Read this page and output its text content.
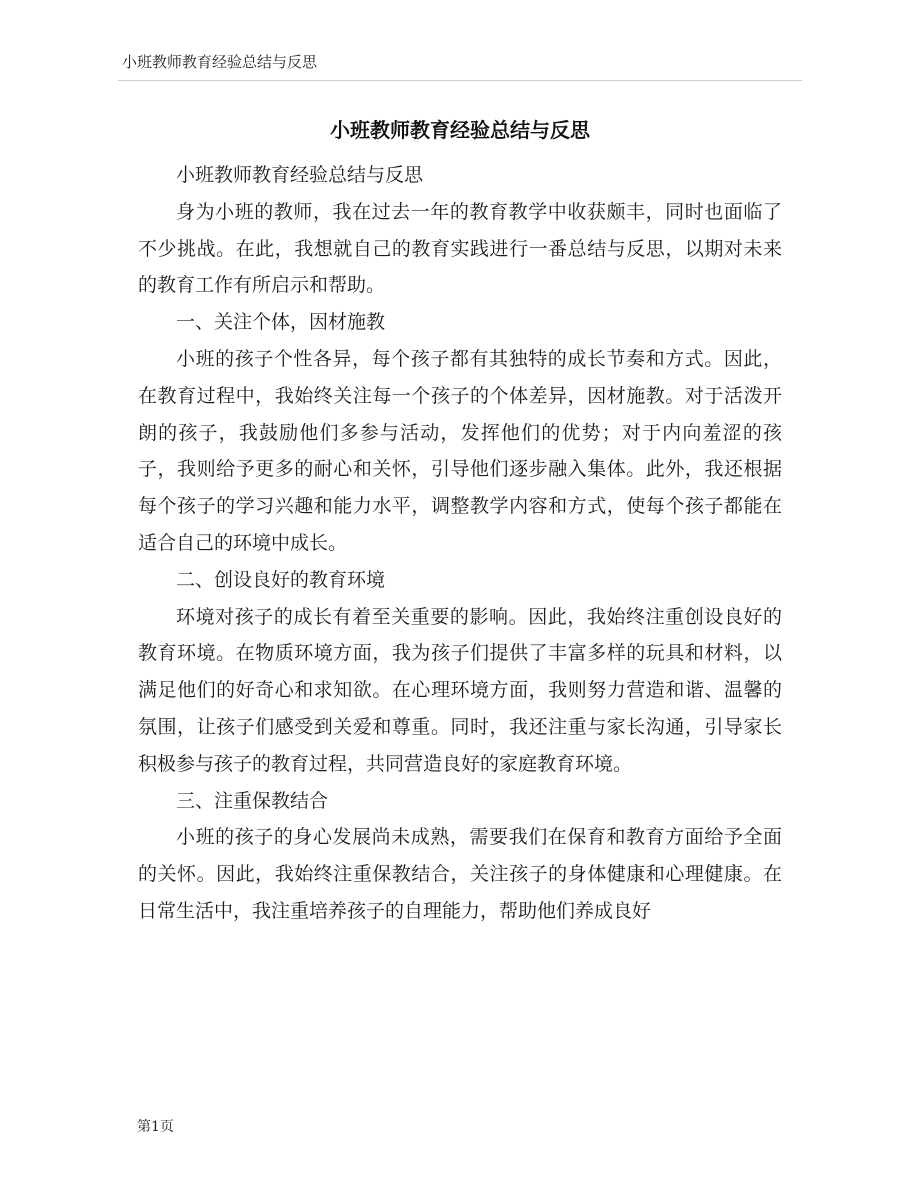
小班教师教育经验总结与反思
小班教师教育经验总结与反思

小班教师教育经验总结与反思

身为小班的教师，我在过去一年的教育教学中收获颇丰，同时也面临了不少挑战。在此，我想就自己的教育实践进行一番总结与反思，以期对未来的教育工作有所启示和帮助。

一、关注个体，因材施教

小班的孩子个性各异，每个孩子都有其独特的成长节奏和方式。因此，在教育过程中，我始终关注每一个孩子的个体差异，因材施教。对于活泼开朗的孩子，我鼓励他们多参与活动，发挥他们的优势；对于内向羞涩的孩子，我则给予更多的耐心和关怀，引导他们逐步融入集体。此外，我还根据每个孩子的学习兴趣和能力水平，调整教学内容和方式，使每个孩子都能在适合自己的环境中成长。

二、创设良好的教育环境

环境对孩子的成长有着至关重要的影响。因此，我始终注重创设良好的教育环境。在物质环境方面，我为孩子们提供了丰富多样的玩具和材料，以满足他们的好奇心和求知欲。在心理环境方面，我则努力营造和谐、温馨的氛围，让孩子们感受到关爱和尊重。同时，我还注重与家长沟通，引导家长积极参与孩子的教育过程，共同营造良好的家庭教育环境。

三、注重保教结合

小班的孩子的身心发展尚未成熟，需要我们在保育和教育方面给予全面的关怀。因此，我始终注重保教结合，关注孩子的身体健康和心理健康。在日常生活中，我注重培养孩子的自理能力，帮助他们养成良好

第1页
